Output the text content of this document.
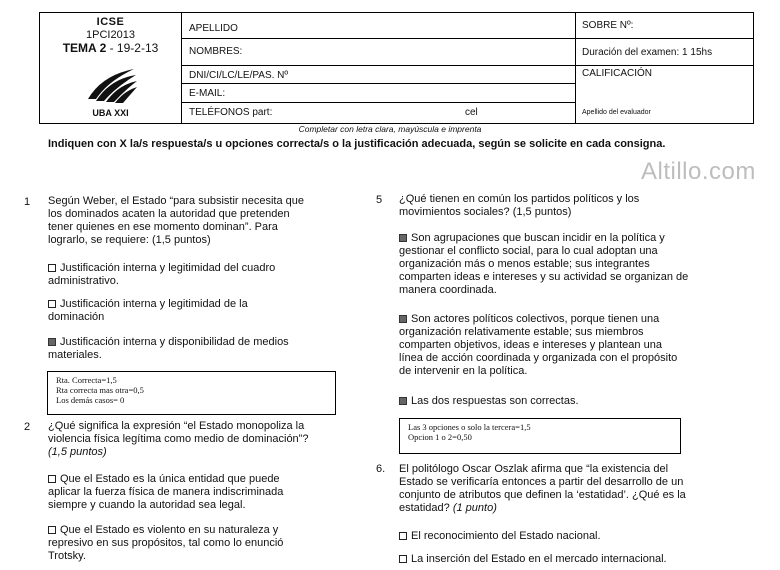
ICSE
1PCI2013
TEMA 2 - 19-2-13
UBA XXI
APELLIDO
NOMBRES:
DNI/CI/LC/LE/PAS. Nº
E-MAIL:
TELÉFONOS part:	cel
SOBRE Nº:
Duración del examen: 1 15hs
CALIFICACIÓN
Apellido del evaluador
Completar con letra clara, mayúscula e imprenta
Indiquen con X la/s respuesta/s u opciones correcta/s o la justificación adecuada, según se solicite en cada consigna.
Altillo.com
1 Según Weber, el Estado “para subsistir necesita que
los dominados acaten la autoridad que pretenden
tener quienes en ese momento dominan”. Para
lograrlo, se requiere: (1,5 puntos)
Justificación interna y legitimidad del cuadro
administrativo.
Justificación interna y legitimidad de la
dominación
Justificación interna y disponibilidad de medios
materiales.
Rta. Correcta=1,5
Rta correcta mas otra=0,5
Los demás casos= 0
2 ¿Qué significa la expresión “el Estado monopoliza la
violencia física legítima como medio de dominación”?
(1,5 puntos)
Que el Estado es la única entidad que puede
aplicar la fuerza física de manera indiscriminada
siempre y cuando la autoridad sea legal.
Que el Estado es violento en su naturaleza y
represivo en sus propósitos, tal como lo enunció
Trotsky.
5 ¿Qué tienen en común los partidos políticos y los
movimientos sociales? (1,5 puntos)
Son agrupaciones que buscan incidir en la política y
gestionar el conflicto social, para lo cual adoptan una
organización más o menos estable; sus integrantes
comparten ideas e intereses y su actividad se organizan de
manera coordinada.
Son actores políticos colectivos, porque tienen una
organización relativamente estable; sus miembros
comparten objetivos, ideas e intereses y plantean una
línea de acción coordinada y organizada con el propósito
de intervenir en la política.
Las dos respuestas son correctas.
Las 3 opciones o solo la tercera=1,5
Opcion 1 o 2=0,50
6. El politólogo Oscar Oszlak afirma que “la existencia del
Estado se verificaría entonces a partir del desarrollo de un
conjunto de atributos que definen la ‘estatidad’. ¿Qué es la
estatidad? (1 punto)
El reconocimiento del Estado nacional.
La inserción del Estado en el mercado internacional.
